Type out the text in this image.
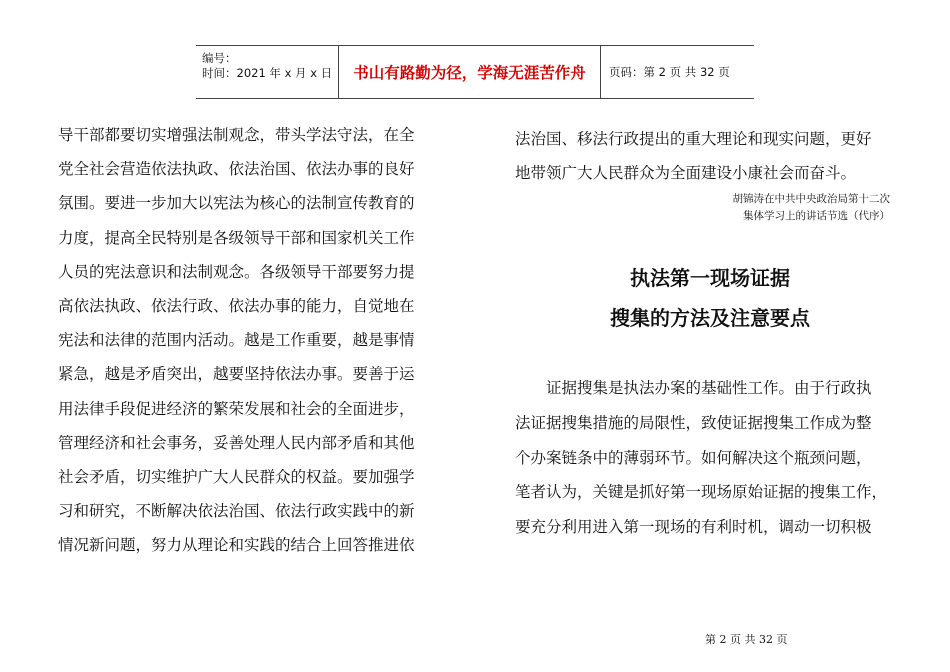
编号：
时间：2021 年 x 月 x 日	书山有路勤为径，学海无涯苦作舟	页码：第 2 页 共 32 页
导干部都要切实增强法制观念，带头学法守法，在全
党全社会营造依法执政、依法治国、依法办事的良好
氛围。要进一步加大以宪法为核心的法制宣传教育的
力度，提高全民特别是各级领导干部和国家机关工作
人员的宪法意识和法制观念。各级领导干部要努力提
高依法执政、依法行政、依法办事的能力，自觉地在
宪法和法律的范围内活动。越是工作重要，越是事情
紧急，越是矛盾突出，越要坚持依法办事。要善于运
用法律手段促进经济的繁荣发展和社会的全面进步，
管理经济和社会事务，妥善处理人民内部矛盾和其他
社会矛盾，切实维护广大人民群众的权益。要加强学
习和研究，不断解决依法治国、依法行政实践中的新
情况新问题，努力从理论和实践的结合上回答推进依
法治国、移法行政提出的重大理论和现实问题，更好
地带领广大人民群众为全面建设小康社会而奋斗。
胡锦涛在中共中央政治局第十二次
集体学习上的讲话节选（代序）
执法第一现场证据
搜集的方法及注意要点
证据搜集是执法办案的基础性工作。由于行政执
法证据搜集措施的局限性，致使证据搜集工作成为整
个办案链条中的薄弱环节。如何解决这个瓶颈问题，
笔者认为，关键是抓好第一现场原始证据的搜集工作，
要充分利用进入第一现场的有利时机，调动一切积极
第 2 页 共 32 页
